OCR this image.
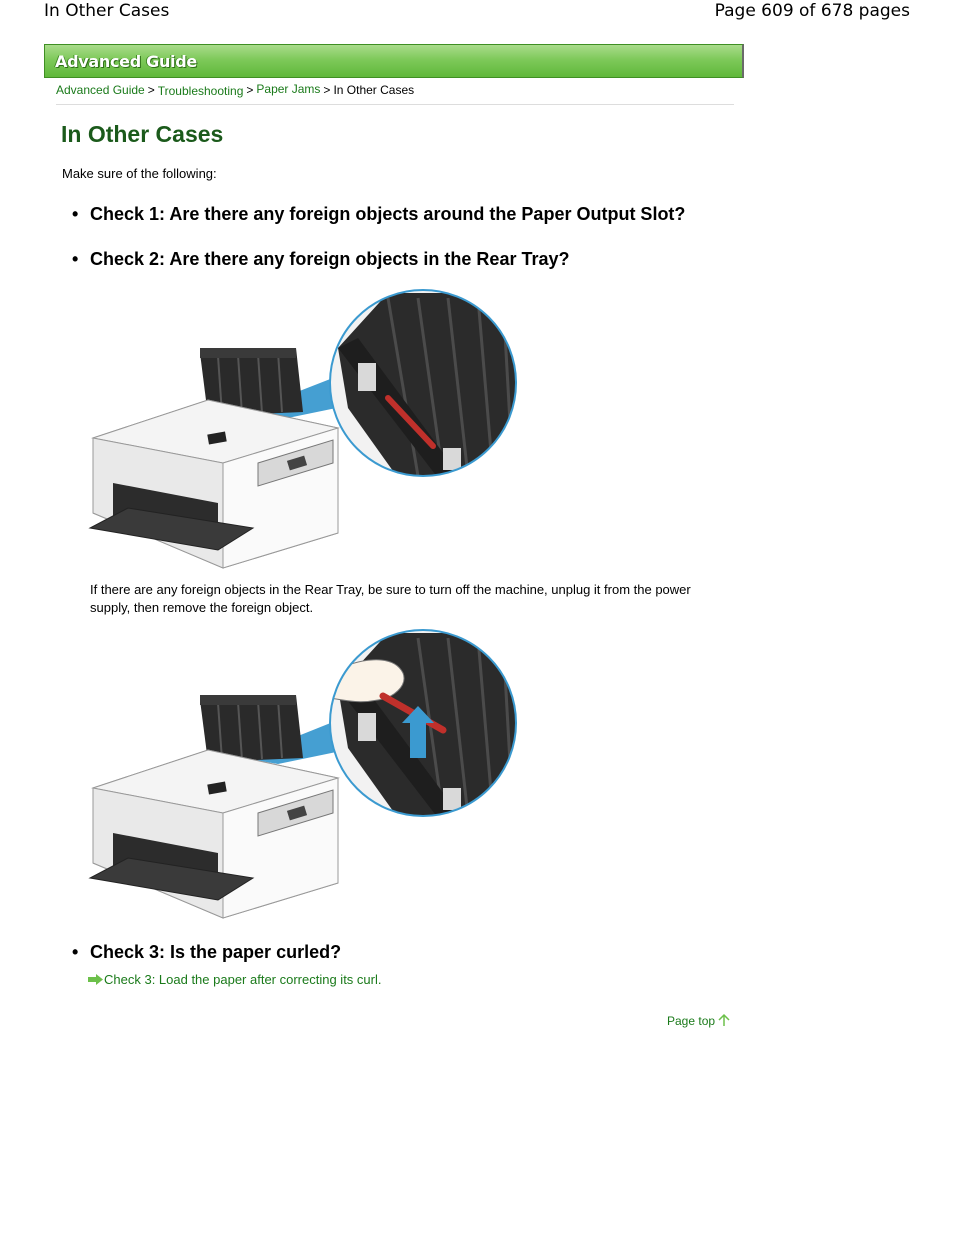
In Other Cases	Page 609 of 678 pages
Advanced Guide
Advanced Guide > Troubleshooting > Paper Jams > In Other Cases
In Other Cases
Make sure of the following:
• Check 1: Are there any foreign objects around the Paper Output Slot?
• Check 2: Are there any foreign objects in the Rear Tray?

If there are any foreign objects in the Rear Tray, be sure to turn off the machine, unplug it from the power supply, then remove the foreign object.

• Check 3: Is the paper curled?
Check 3: Load the paper after correcting its curl.
Page top
